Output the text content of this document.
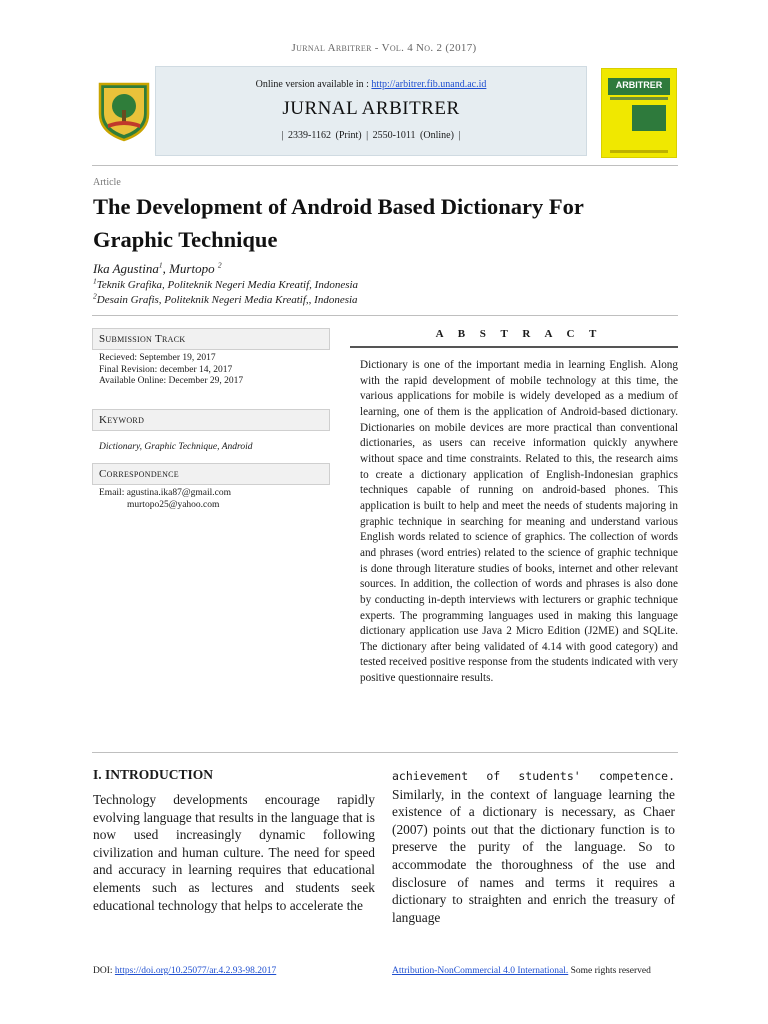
Jurnal Arbitrer - Vol. 4 No. 2 (2017)
ARBITRER
Online version available in : http://arbitrer.fib.unand.ac.id
JURNAL ARBITRER
| 2339-1162 (Print) | 2550-1011 (Online) |
Article
The Development of Android Based Dictionary For
Graphic Technique
Ika Agustina$^1$, Murtopo $^2$
$^1$Teknik Grafika, Politeknik Negeri Media Kreatif, Indonesia
$^2$Desain Grafis, Politeknik Negeri Media Kreatif,, Indonesia
Submission Track
Recieved: September 19, 2017
Final Revision: december 14, 2017
Available Online: December 29, 2017
Keyword
Dictionary, Graphic Technique, Android
Correspondence
Email: agustina.ika87@gmail.com
murtopo25@yahoo.com
A B S T R A C T
Dictionary is one of the important media in learning English. Along with the rapid development of mobile technology at this time, the various applications for mobile is widely developed as a medium of learning, one of them is the application of Android-based dictionary. Dictionaries on mobile devices are more practical than conventional dictionaries, as users can receive information quickly anywhere without space and time constraints. Related to this, the research aims to create a dictionary application of English-Indonesian graphics techniques capable of running on android-based phones. This application is built to help and meet the needs of students majoring in graphic technique in searching for meaning and understand various English words related to science of graphics. The collection of words and phrases (word entries) related to the science of graphic technique is done through literature studies of books, internet and other relevant sources. In addition, the collection of words and phrases is also done by conducting in-depth interviews with lecturers or graphic technique experts. The programming languages used in making this language dictionary application use Java 2 Micro Edition (J2ME) and SQLite. The dictionary after being validated of 4.14 with good category) and tested received positive response from the students indicated with very positive questionnaire results.
I. INTRODUCTION
Technology developments encourage rapidly evolving language that results in the language that is now used increasingly dynamic following civilization and human culture. The need for speed and accuracy in learning requires that educational elements such as lectures and students seek educational technology that helps to accelerate the
achievement of students' competence. Similarly, in the context of language learning the existence of a dictionary is necessary, as Chaer (2007) points out that the dictionary function is to preserve the purity of the language. So to accommodate the thoroughness of the use and disclosure of names and terms it requires a dictionary to straighten and enrich the treasury of language
DOI: https://doi.org/10.25077/ar.4.2.93-98.2017	Attribution-NonCommercial 4.0 International. Some rights reserved
